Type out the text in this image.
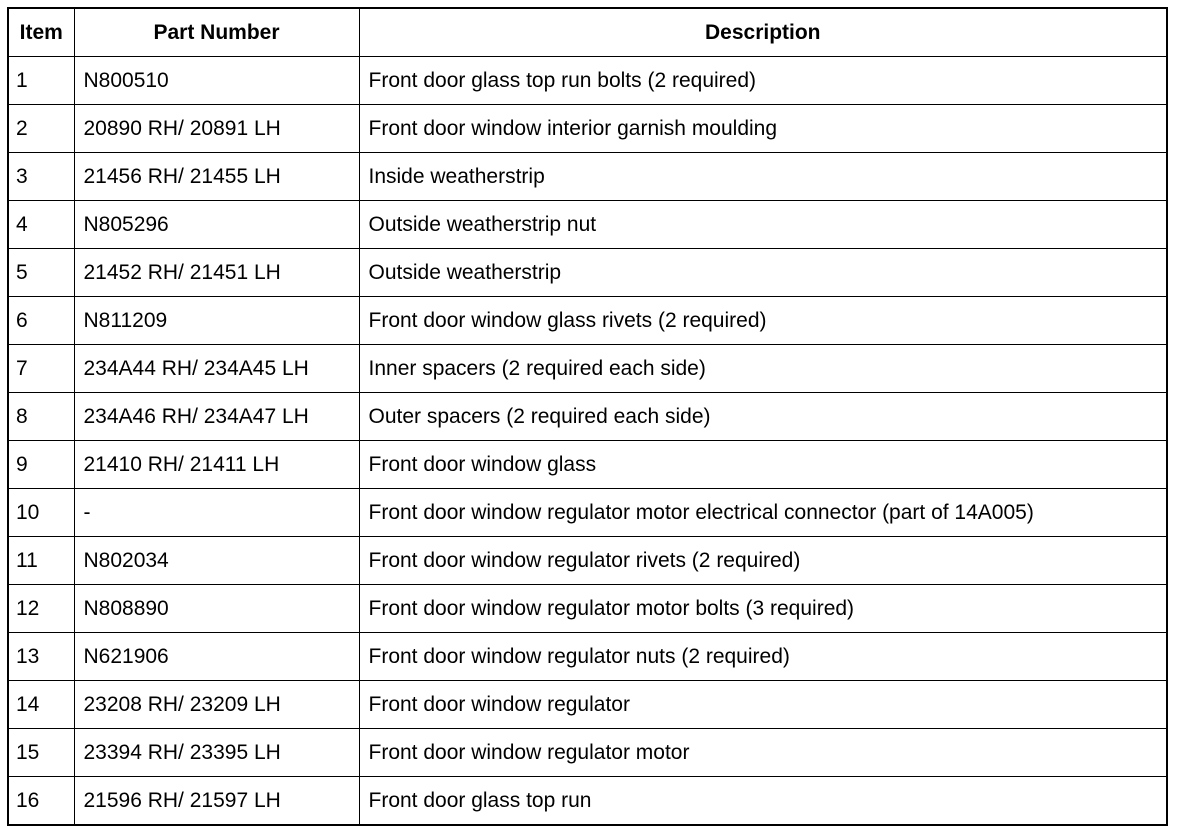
Item	Part Number	Description
1	N800510	Front door glass top run bolts (2 required)
2	20890 RH/ 20891 LH	Front door window interior garnish moulding
3	21456 RH/ 21455 LH	Inside weatherstrip
4	N805296	Outside weatherstrip nut
5	21452 RH/ 21451 LH	Outside weatherstrip
6	N811209	Front door window glass rivets (2 required)
7	234A44 RH/ 234A45 LH	Inner spacers (2 required each side)
8	234A46 RH/ 234A47 LH	Outer spacers (2 required each side)
9	21410 RH/ 21411 LH	Front door window glass
10	-	Front door window regulator motor electrical connector (part of 14A005)
11	N802034	Front door window regulator rivets (2 required)
12	N808890	Front door window regulator motor bolts (3 required)
13	N621906	Front door window regulator nuts (2 required)
14	23208 RH/ 23209 LH	Front door window regulator
15	23394 RH/ 23395 LH	Front door window regulator motor
16	21596 RH/ 21597 LH	Front door glass top run
